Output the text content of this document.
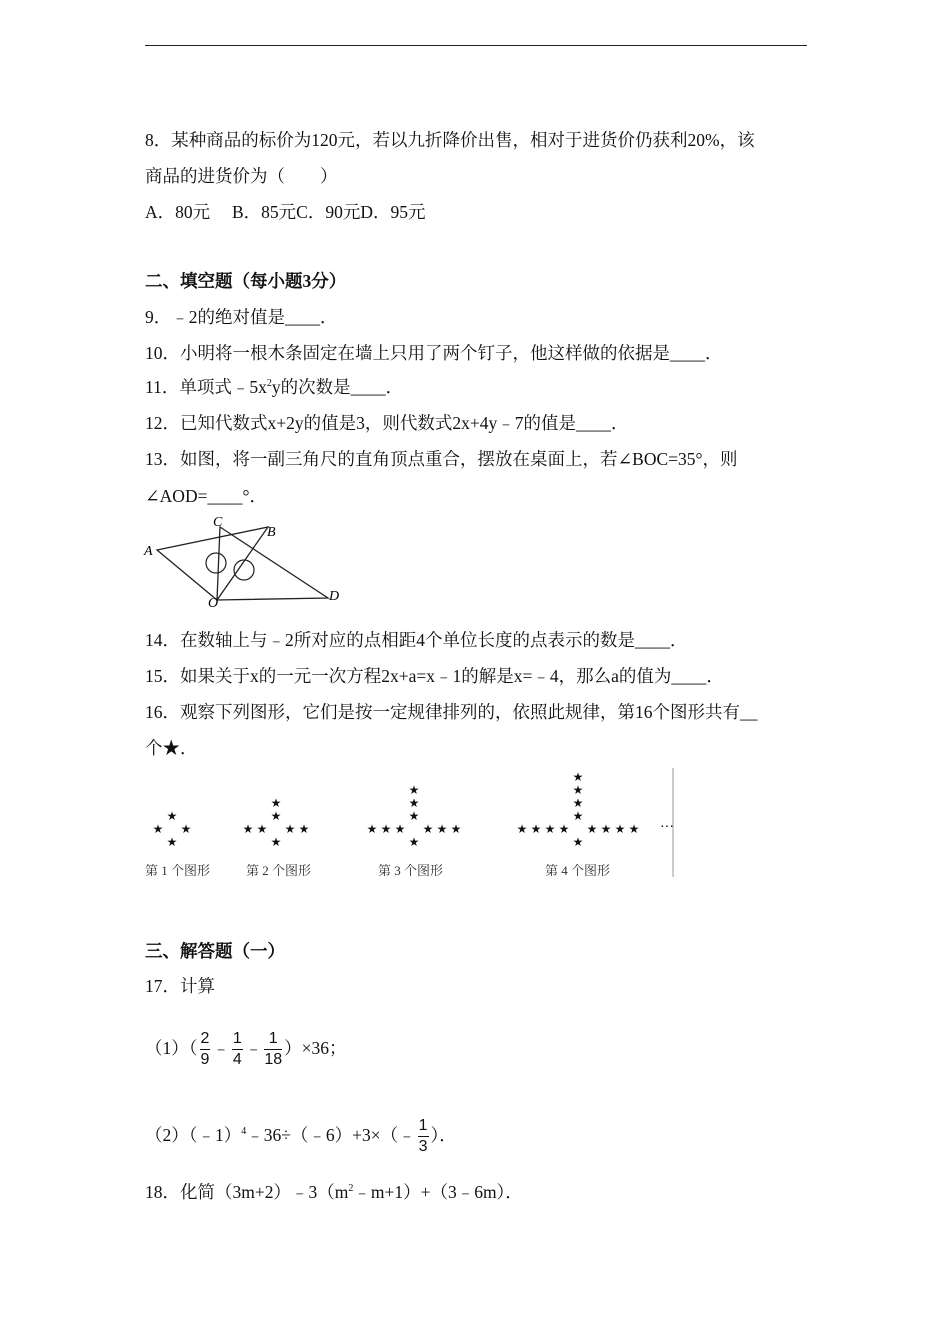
8．某种商品的标价为120元，若以九折降价出售，相对于进货价仍获利20%，该
商品的进货价为（　　）
A．80元　 B．85元C．90元D．95元
二、填空题（每小题3分）
9．﹣2的绝对值是____．
10．小明将一根木条固定在墙上只用了两个钉子，他这样做的依据是____．
11．单项式$﹣5x^2y$的次数是____．
12．已知代数式x+2y的值是3，则代数式2x+4y﹣7的值是____．
13．如图，将一副三角尺的直角顶点重合，摆放在桌面上，若∠BOC=35°，则
∠AOD=____°．
A
C
B
D
O
14．在数轴上与﹣2所对应的点相距4个单位长度的点表示的数是____．
15．如果关于x的一元一次方程2x+a=x﹣1的解是x=﹣4，那么a的值为____．
16．观察下列图形，它们是按一定规律排列的，依照此规律，第16个图形共有__
个★．
★
★ ★
★
★
★
★
★	★ ★
★
★
★
★
★
★
★	★ ★ ★
★
★
★
★
★
★
★
★
★	★ ★ ★ ★
★
…
第 1 个图形	第 2 个图形	第 3 个图形	第 4 个图形
三、解答题（一）
17．计算
$(1)( \frac{2}{9}$ ﹣ $\frac{1}{4}$ ﹣ $\frac{1}{18} )\times 36$；
（2）（﹣1）$^4$﹣36÷（﹣6）+3×（﹣ $\frac{1}{3}$ ）．
18．化简$(3m+2)﹣3(m^2﹣m+1)+(3﹣6m)$．
